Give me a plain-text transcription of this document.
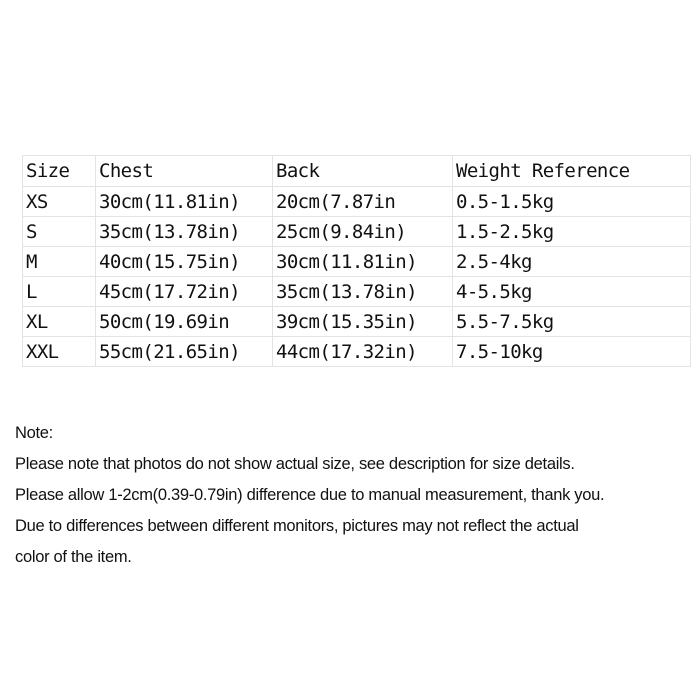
Size	Chest	Back	Weight Reference
XS	30cm(11.81in)	20cm(7.87in	0.5-1.5kg
S	35cm(13.78in)	25cm(9.84in)	1.5-2.5kg
M	40cm(15.75in)	30cm(11.81in)	2.5-4kg
L	45cm(17.72in)	35cm(13.78in)	4-5.5kg
XL	50cm(19.69in	39cm(15.35in)	5.5-7.5kg
XXL	55cm(21.65in)	44cm(17.32in)	7.5-10kg

Note:

Please note that photos do not show actual size, see description for size details.

Please allow 1-2cm(0.39-0.79in) difference due to manual measurement, thank you.

Due to differences between different monitors, pictures may not reflect the actual

color of the item.
